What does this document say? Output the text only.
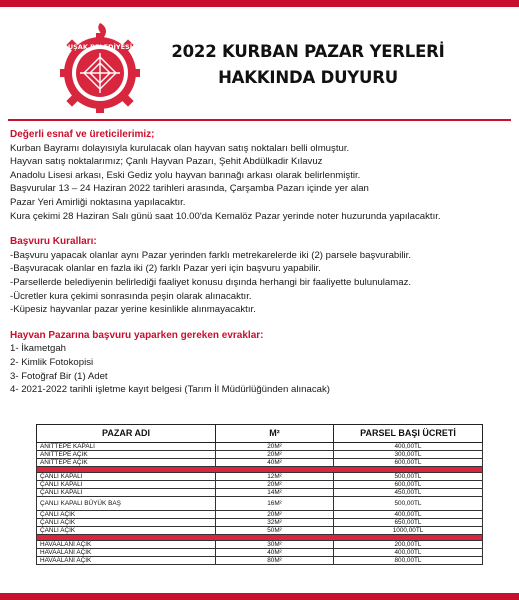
UŞAK BELEDİYESİ	2022 KURBAN PAZAR YERLERİ
HAKKINDA DUYURU

Değerli esnaf ve üreticilerimiz;

Kurban Bayramı dolayısıyla kurulacak olan hayvan satış noktaları belli olmuştur.

Hayvan satış noktalarımız; Çanlı Hayvan Pazarı, Şehit Abdülkadir Kılavuz

Anadolu Lisesi arkası, Eski Gediz yolu hayvan barınağı arkası olarak belirlenmiştir.

Başvurular 13 – 24 Haziran 2022 tarihleri arasında, Çarşamba Pazarı içinde yer alan

Pazar Yeri Amirliği noktasına yapılacaktır.

Kura çekimi 28 Haziran Salı günü saat 10.00'da Kemalöz Pazar yerinde noter huzurunda yapılacaktır.

Başvuru Kuralları:

-Başvuru yapacak olanlar aynı Pazar yerinden farklı metrekarelerde iki (2) parsele başvurabilir.

-Başvuracak olanlar en fazla iki (2) farklı Pazar yeri için başvuru yapabilir.

-Parsellerde belediyenin belirlediği faaliyet konusu dışında herhangi bir faaliyette bulunulamaz.

-Ücretler kura çekimi sonrasında peşin olarak alınacaktır.

-Küpesiz hayvanlar pazar yerine kesinlikle alınmayacaktır.

Hayvan Pazarına başvuru yaparken gereken evraklar:

1- İkametgah

2- Kimlik Fotokopisi

3- Fotoğraf Bir (1) Adet

4- 2021-2022 tarihli işletme kayıt belgesi (Tarım İl Müdürlüğünden alınacak)

PAZAR ADI	M²	PARSEL BAŞI ÜCRETİ
ANITTEPE KAPALI	20M²	400,00TL
ANITTEPE AÇIK	20M²	300,00TL
ANITTEPE AÇIK	40M²	600,00TL

ÇANLI KAPALI	12M²	500,00TL
ÇANLI KAPALI	20M²	600,00TL
ÇANLI KAPALI	14M²	450,00TL
ÇANLI KAPALI BÜYÜK BAŞ	16M²	500,00TL
ÇANLI AÇIK	20M²	400,00TL
ÇANLI AÇIK	32M²	650,00TL
ÇANLI AÇIK	50M²	1000,00TL

HAVAALANI AÇIK	30M²	200,00TL
HAVAALANI AÇIK	40M²	400,00TL
HAVAALANI AÇIK	80M²	800,00TL
